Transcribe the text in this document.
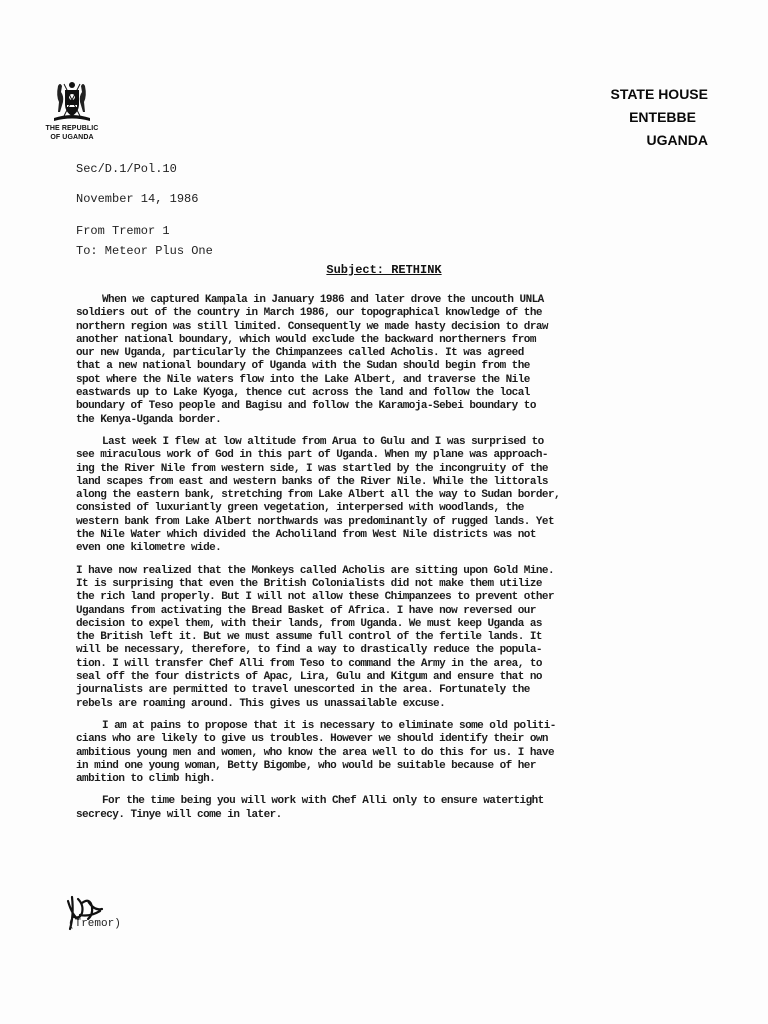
THE REPUBLIC
OF UGANDA
STATE HOUSE
ENTEBBE
UGANDA
Sec/D.1/Pol.10
November 14, 1986
From Tremor 1
To: Meteor Plus One
Subject: RETHINK
When we captured Kampala in January 1986 and later drove the uncouth UNLA
soldiers out of the country in March 1986, our topographical knowledge of the
northern region was still limited. Consequently we made hasty decision to draw
another national boundary, which would exclude the backward northerners from
our new Uganda, particularly the Chimpanzees called Acholis. It was agreed
that a new national boundary of Uganda with the Sudan should begin from the
spot where the Nile waters flow into the Lake Albert, and traverse the Nile
eastwards up to Lake Kyoga, thence cut across the land and follow the local
boundary of Teso people and Bagisu and follow the Karamoja-Sebei boundary to
the Kenya-Uganda border.
Last week I flew at low altitude from Arua to Gulu and I was surprised to
see miraculous work of God in this part of Uganda. When my plane was approach-
ing the River Nile from western side, I was startled by the incongruity of the
land scapes from east and western banks of the River Nile. While the littorals
along the eastern bank, stretching from Lake Albert all the way to Sudan border,
consisted of luxuriantly green vegetation, interpersed with woodlands, the
western bank from Lake Albert northwards was predominantly of rugged lands. Yet
the Nile Water which divided the Acholiland from West Nile districts was not
even one kilometre wide.
I have now realized that the Monkeys called Acholis are sitting upon Gold Mine.
It is surprising that even the British Colonialists did not make them utilize
the rich land properly. But I will not allow these Chimpanzees to prevent other
Ugandans from activating the Bread Basket of Africa. I have now reversed our
decision to expel them, with their lands, from Uganda. We must keep Uganda as
the British left it. But we must assume full control of the fertile lands. It
will be necessary, therefore, to find a way to drastically reduce the popula-
tion. I will transfer Chef Alli from Teso to command the Army in the area, to
seal off the four districts of Apac, Lira, Gulu and Kitgum and ensure that no
journalists are permitted to travel unescorted in the area. Fortunately the
rebels are roaming around. This gives us unassailable excuse.
I am at pains to propose that it is necessary to eliminate some old politi-
cians who are likely to give us troubles. However we should identify their own
ambitious young men and women, who know the area well to do this for us. I have
in mind one young woman, Betty Bigombe, who would be suitable because of her
ambition to climb high.
For the time being you will work with Chef Alli only to ensure watertight
secrecy. Tinye will come in later.
(Tremor)
